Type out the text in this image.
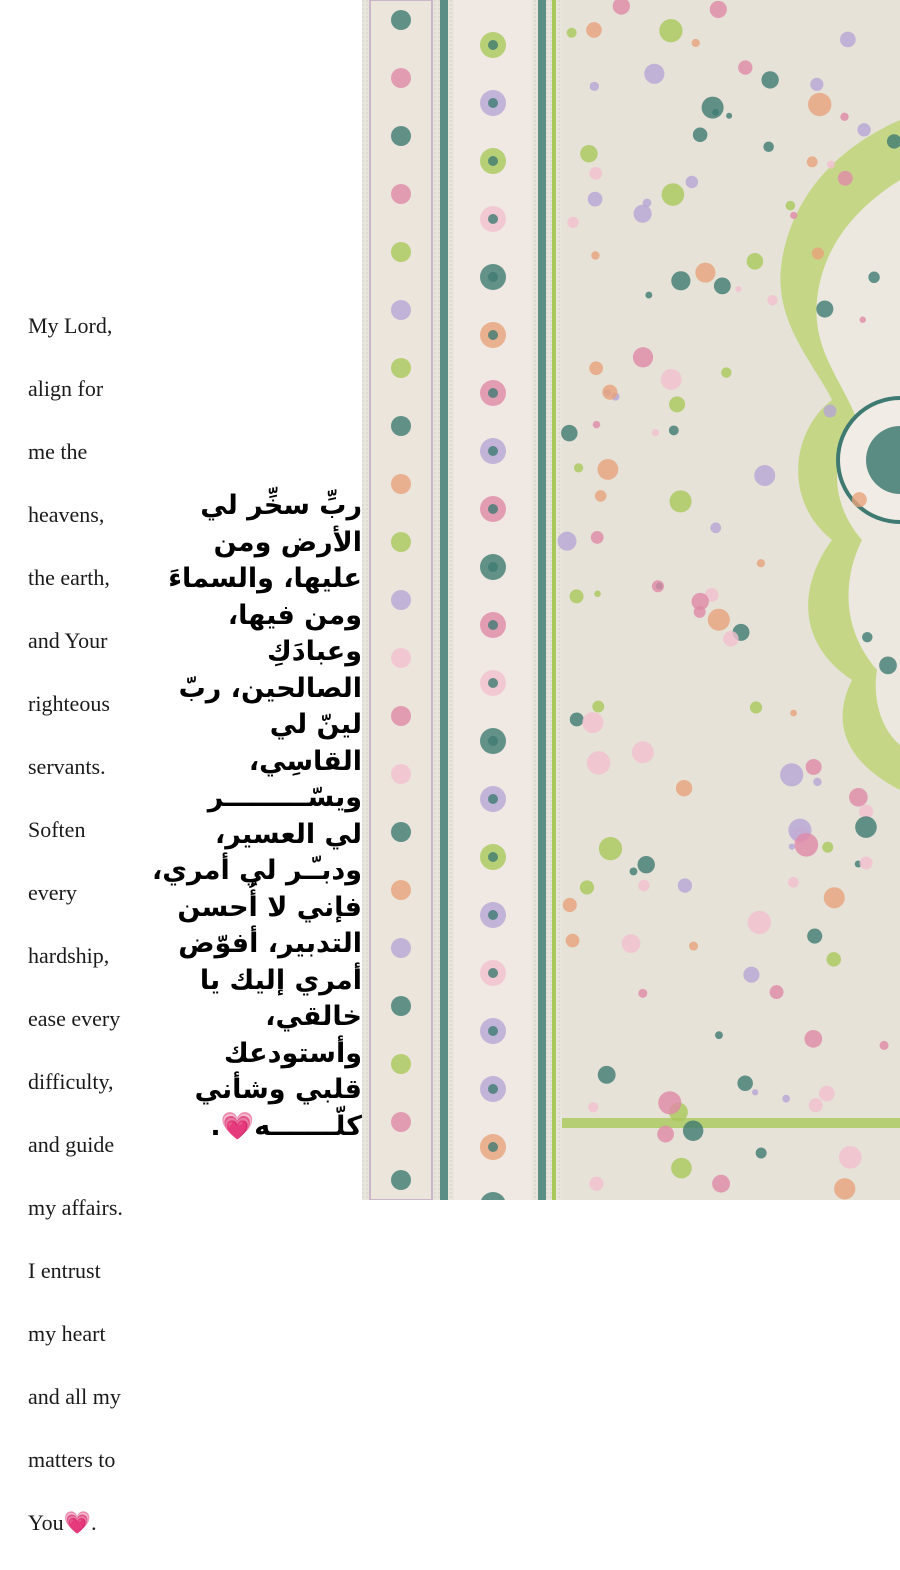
My Lord,

align for

me the

heavens,

the earth,

and Your

righteous

servants.

Soften

every

hardship,

ease every

difficulty,

and guide

my affairs.

I entrust

my heart

and all my

matters to

You💗.

ربِّ سخِّر لي
الأرض ومن
عليها، والسماءَ
ومن فيها،
وعبادَكِ
الصالحين، ربّ
لينّ لي
القاسِي،
ويسّـــــــــر
لي العسير،
ودبـّـر لي أمري،
فإني لا أُحسن
التدبير، أفوّض
أمري إليك يا
خالقي،
وأستودعك
قلبي وشأني
كلّـــــــه💗.
